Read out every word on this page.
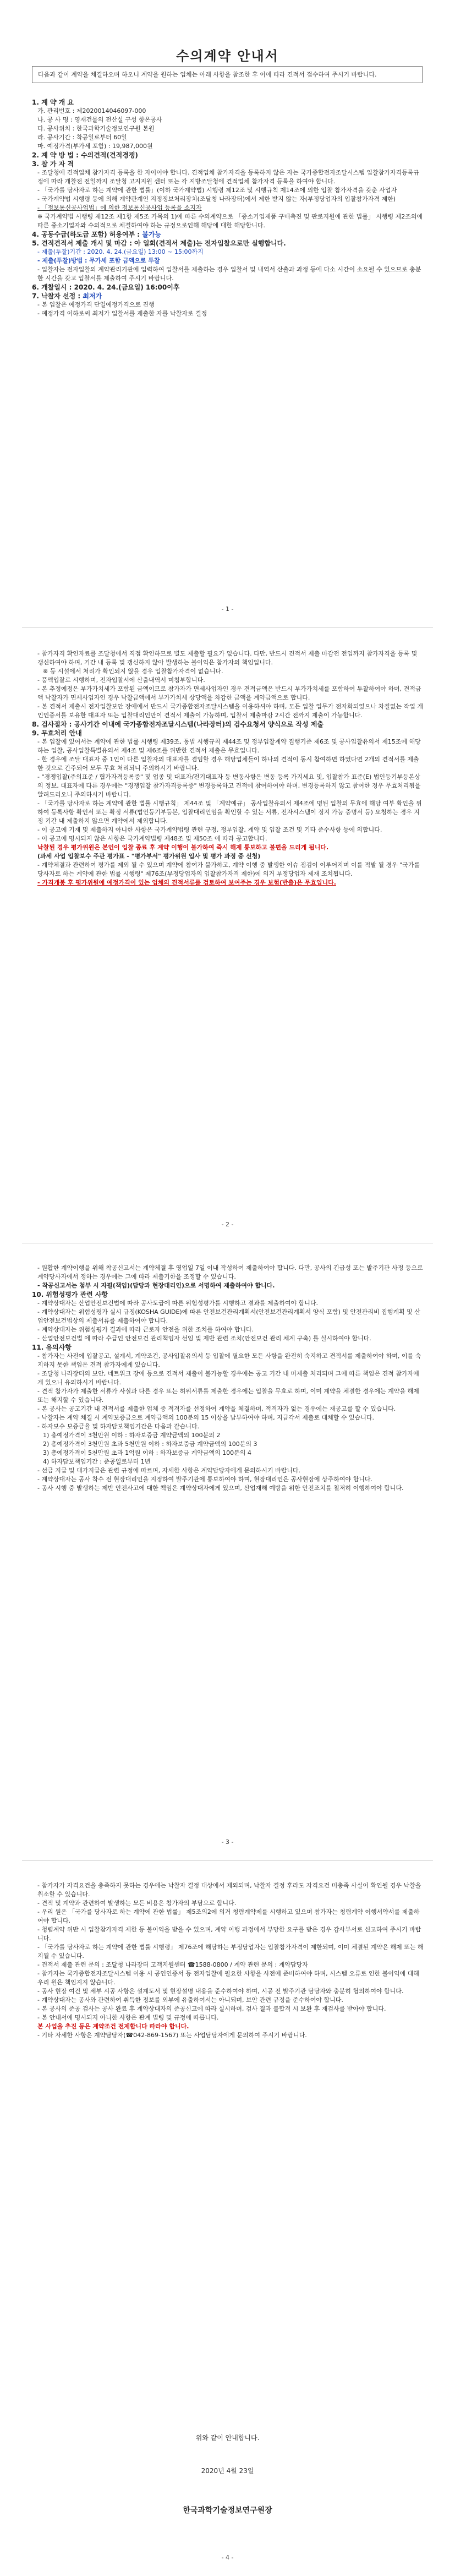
수의계약 안내서
다음과 같이 계약을 체결하오며 하오니 계약을 원하는 업체는 아래 사항을 참조한 후 이에 따라 견적서 접수하여 주시기 바랍니다.

1. 계 약 개 요

가. 관리번호 : 제2020014046097-000

나. 공 사 명 : 영재건물의 전산실 구성 항온공사

다. 공사위치 : 한국과학기술정보연구원 본원

라. 공사기간 : 착공일로부터 60일

마. 예정가격(부가세 포함) : 19,987,000원

2. 계 약 방 법 : 수의견적(견적경쟁)

3. 참 가 자 격

- 조달청에 견적업체 참가자격 등록을 한 자이어야 합니다. 견적업체 참가자격을 등록하지 않은 자는 국가종합전자조달시스템 입찰참가자격등록규정에 따라 개찰전 전일까지 조달청 고지지원 센터 또는 각 지방조달청에 견적업체 참가자격 등록을 하여야 합니다.

- 「국가를 당사자로 하는 계약에 관한 법률」(이하 국가계약법) 시행령 제12조 및 시행규칙 제14조에 의한 입찰 참가자격을 갖춘 사업자

- 국가계약법 시행령 등에 의해 계약관계인 지정정보처리장치(조달청 나라장터)에서 제한 받지 않는 자(부정당업자의 입찰참가자격 제한)

- 「정보통신공사업법」에 의한 정보통신공사업 등록을 소지자

※ 국가계약법 시행령 제12조 제1항 제5조 가목의 1)에 따른 수의계약으로 「중소기업제품 구매촉진 및 판로지원에 관한 법률」 시행령 제2조의에 따른 중소기업자와 수의적으로 체결하여야 하는 규정으로인해 해당에 대한 해당합니다.

4. 공동수급(하도급 포함) 허용여부 : 불가능

5. 견적견적서 제출 개시 및 마감 : 아 일회(견적서 제출)는 전자입찰으로만 실행합니다.

- 제출(투찰)기간 : 2020. 4. 24.(금요일) 13:00 ~ 15:00까지

- 제출(투찰)방법 : 무가세 포함 금액으로 투찰

- 입찰자는 전자입찰의 계약관리기관에 입력하여 입찰서를 제출하는 경우 입찰서 및 내역서 산출과 과정 등에 다소 시간이 소요될 수 있으므로 충분한 시간을 갖고 입찰서를 제출하여 주시기 바랍니다.

6. 개찰일시 : 2020. 4. 24.(금요일) 16:00이후

7. 낙찰자 선정 : 최저가

- 본 입찰은 예정가격 단일예정가격으로 진행

- 예정가격 이하로써 최저가 입찰서를 제출한 자를 낙찰자로 결정

- 1 -

- 참가자격 확인자료를 조달청에서 직접 확인하므로 별도 제출할 필요가 없습니다. 다만, 반드시 견적서 제출 마감전 전입까지 참가자격을 등록 및 갱신하여야 하며, 기간 내 등록 및 갱신하지 않아 발생하는 불이익은 참가자의 책임입니다.

※ 등 시설에서 처리가 확인되지 않을 경우 입찰참가자격이 없습니다.

- 품액입찰로 시행하며, 전자입찰서에 산출내역서 미첨부합니다.

- 본 추정예정은 부가가치세가 포함된 금액이므로 참가자가 면세사업자인 경우 견적금액은 반드시 부가가치세를 포함하여 투찰하여야 하며, 견적금액 낙찰자가 면세사업자인 경우 낙찰금액에서 부가가치세 상당액을 차감한 금액을 계약금액으로 합니다.

- 본 견적서 제출시 전자입찰보안 장애에서 반드시 국가종합전자조달시스템을 이용하셔야 하며, 모든 입찰 업무가 전자화되었으나 차질없는 작업 개인인증서를 보유한 대표자 또는 입찰대리인만이 견적서 제출이 가능하며, 입찰서 제출마감 2시간 전까지 제출이 가능합니다.

8. 검사절차 : 공사기간 이내에 국가종합전자조달시스템(나라장터)의 검수요청서 양식으로 작성 제출

9. 무효처리 안내

- 본 입찰에 있어서는 계약에 관한 법률 시행령 제39조, 동법 시행규칙 제44조 및 정부입찰계약 집행기준 제6조 및 공사입찰유의서 제15조에 해당하는 입찰, 공사입찰특별유의서 제4조 및 제6조를 위반한 견적서 제출은 무효입니다.

- 한 경우에 조달 대표자 중 1인이 다른 입찰자의 대표자를 겸임할 경우 해당업체들이 하나의 견적이 동시 참여하면 하였다면 2개의 견적서를 제출한 것으로 간주되어 모두 무효 처리되니 주의하시기 바랍니다.

- "경쟁입찰(주의표준 / 협가자격등록증" 및 업종 및 대표자/전기대표자 등 변동사항은 변동 등록 가지세요 및, 입찰참가 표준(E) 법인등기부등본상의 정보, 대표자에 다른 경우에는 "경쟁입찰 참가자격등록증" 변경등록하고 견적에 참여하여야 하며, 변경등록하지 않고 참여한 경우 무효처리됨을 알려드리오니 주의하시기 바랍니다.

- 「국가를 당사자로 하는 계약에 관한 법률 시행규칙」 제44조 및 「계약예규」 공사입찰유의서 제4조에 명된 입찰의 무효에 해당 여부 확인을 위하여 등록사항 확인서 또는 확정 서류(법인등기부등본, 입찰대리인임을 확인할 수 있는 서류, 전자시스템이 정지 가능 증명서 등) 요청하는 경우 지정 기간 내 제출하지 않으면 계약에서 제외합니다.

- 이 공고에 기재 및 제출하지 아니한 사항은 국가계약법령 관련 규정, 정부입찰, 계약 및 입찰 조건 및 기타 준수사항 등에 의합니다.

- 이 공고에 명시되지 않은 사항은 국가계약법령 제48조 및 제50조 에 따라 공고합니다.

낙찰된 경우 평가위원은 본인이 입찰 종료 후 계약 이행이 불가하여 즉시 해제 통보하고 불편을 드리게 됩니다.

(과세 사업 입찰보수 주관 평가표 - "평가부서" 평가위원 입사 및 평가 과정 중 신청)

- 계약체결과 관련하여 평가를 제외 될 수 있으며 계약에 참여가 불가하고, 계약 이행 중 발생한 이슈 점검이 이루어지며 이를 적발 될 경우 "국가를 당사자로 하는 계약에 관한 법률 시행령" 제76조(부정당업자의 입찰참가자격 제한)에 의거 부정당업자 제재 조치됩니다.

- 가격개봉 후 평가위원에 예정가격이 있는 업체의 견적서류를 검토하여 보여주는 경우 보험(반출)은 무효입니다.

- 2 -

- 원활한 계약이행을 위해 착공신고서는 계약체결 후 영업일 7일 이내 작성하여 제출하여야 합니다. 다만, 공사의 긴급성 또는 발주기관 사정 등으로 계약당사자에서 정하는 경우에는 그에 따라 제출기한을 조정할 수 있습니다.

- 착공신고서는 첨부 시 자필(책임)(담당과 현장대리인)으로 서명하여 제출하여야 합니다.

10. 위험성평가 관련 사항

- 계약상대자는 산업안전보건법에 따라 공사도급에 따른 위험성평가를 시행하고 결과를 제출하여야 합니다.

- 계약상대자는 위험성평가 실시 규정(KOSHA GUIDE)에 따른 안전보건관리계획서(안전보건관리계획서 양식 포함) 및 안전관리비 집행계획 및 산업안전보건법상의 제출서류를 제출하여야 합니다.

- 계약상대자는 위험성평가 결과에 따라 근로자 안전을 위한 조치를 하여야 합니다.

- 산업안전보건법 에 따라 수급인 안전보건 관리책임자 선임 및 제반 관련 조치(안전보건 관리 체계 구축) 를 실시하여야 합니다.

11. 유의사항

- 참가자는 사전에 입찰공고, 설계서, 계약조건, 공사입찰유의서 등 입찰에 필요한 모든 사항을 완전히 숙지하고 견적서를 제출하여야 하며, 이를 숙지하지 못한 책임은 견적 참가자에게 있습니다.

- 조달청 나라장터의 보안, 네트워크 장애 등으로 견적서 제출이 불가능할 경우에는 공고 기간 내 미제출 처리되며 그에 따른 책임은 견적 참가자에게 있으니 유의하시기 바랍니다.

- 견적 참가자가 제출한 서류가 사실과 다른 경우 또는 허위서류를 제출한 경우에는 입찰을 무효로 하며, 이미 계약을 체결한 경우에는 계약을 해제 또는 해지할 수 있습니다.

- 본 공사는 공고기간 내 견적서를 제출한 업체 중 적격자를 선정하여 계약을 체결하며, 적격자가 없는 경우에는 재공고를 할 수 있습니다.

- 낙찰자는 계약 체결 시 계약보증금으로 계약금액의 100분의 15 이상을 납부하여야 하며, 지급각서 제출로 대체할 수 있습니다.

- 하자보수 보증금율 및 하자담보책임기간은 다음과 같습니다.

1) 총예정가격이 3천만원 이하 : 하자보증금 계약금액의 100분의 2

2) 총예정가격이 3천만원 초과 5천만원 이하 : 하자보증금 계약금액의 100분의 3

3) 총예정가격이 5천만원 초과 1억원 이하 : 하자보증금 계약금액의 100분의 4

4) 하자담보책임기간 : 준공일로부터 1년

- 선금 지급 및 대가지급은 관련 규정에 따르며, 자세한 사항은 계약담당자에게 문의하시기 바랍니다.

- 계약상대자는 공사 착수 전 현장대리인을 지정하여 발주기관에 통보하여야 하며, 현장대리인은 공사현장에 상주하여야 합니다.

- 공사 시행 중 발생하는 제반 안전사고에 대한 책임은 계약상대자에게 있으며, 산업재해 예방을 위한 안전조치를 철저히 이행하여야 합니다.

- 3 -

- 참가자가 자격요건을 충족하지 못하는 경우에는 낙찰자 결정 대상에서 제외되며, 낙찰자 결정 후라도 자격요건 미충족 사실이 확인될 경우 낙찰을 취소할 수 있습니다.

- 견적 및 계약과 관련하여 발생하는 모든 비용은 참가자의 부담으로 합니다.

- 우리 원은 「국가를 당사자로 하는 계약에 관한 법률」 제5조의2에 의거 청렴계약제를 시행하고 있으며 참가자는 청렴계약 이행서약서를 제출하여야 합니다.

- 청렴계약 위반 시 입찰참가자격 제한 등 불이익을 받을 수 있으며, 계약 이행 과정에서 부당한 요구를 받은 경우 감사부서로 신고하여 주시기 바랍니다.

- 「국가를 당사자로 하는 계약에 관한 법률 시행령」 제76조에 해당하는 부정당업자는 입찰참가자격이 제한되며, 이미 체결된 계약은 해제 또는 해지될 수 있습니다.

- 견적서 제출 관련 문의 : 조달청 나라장터 고객지원센터 ☎1588-0800 / 계약 관련 문의 : 계약담당자

- 참가자는 국가종합전자조달시스템 이용 시 공인인증서 등 전자입찰에 필요한 사항을 사전에 준비하여야 하며, 시스템 오류로 인한 불이익에 대해 우리 원은 책임지지 않습니다.

- 공사 현장 여건 및 세부 시공 사항은 설계도서 및 현장설명 내용을 준수하여야 하며, 시공 전 발주기관 담당자와 충분히 협의하여야 합니다.

- 계약상대자는 공사와 관련하여 취득한 정보를 외부에 유출하여서는 아니되며, 보안 관련 규정을 준수하여야 합니다.

- 본 공사의 준공 검사는 공사 완료 후 계약상대자의 준공신고에 따라 실시하며, 검사 결과 불합격 시 보완 후 재검사를 받아야 합니다.

- 본 안내서에 명시되지 아니한 사항은 관계 법령 및 규정에 따릅니다.

본 사업을 추진 등은 계약조건 전제합니다 따라야 합니다.

- 기타 자세한 사항은 계약담당자(☎042-869-1567) 또는 사업담당자에게 문의하여 주시기 바랍니다.

위와 같이 안내합니다.
2020년 4월 23일
한국과학기술정보연구원장
- 4 -
